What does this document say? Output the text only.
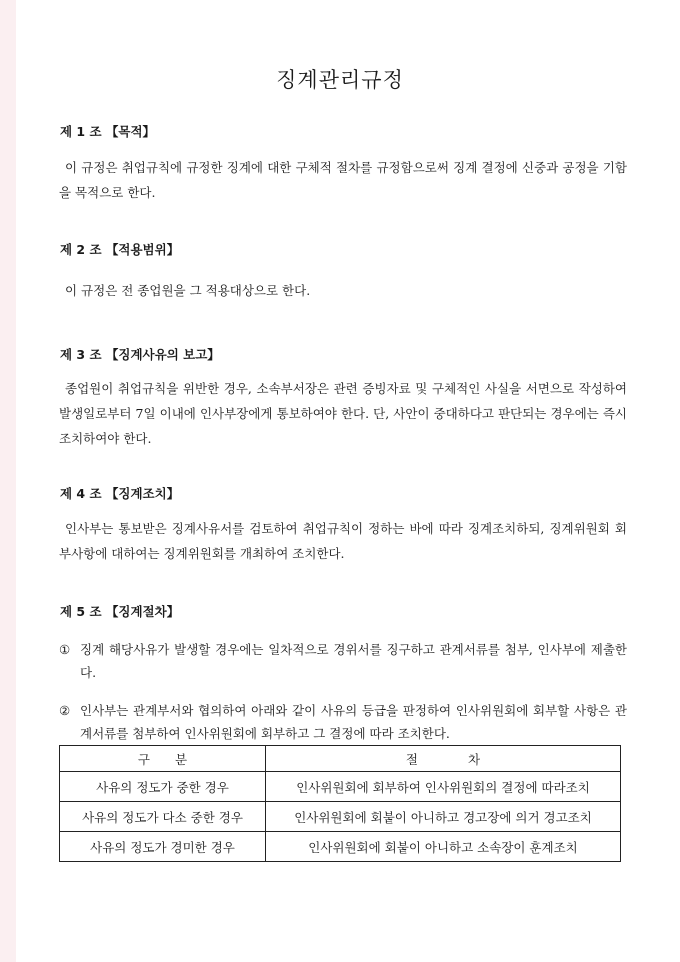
징계관리규정
제 1 조 【목적】
이 규정은 취업규칙에 규정한 징계에 대한 구체적 절차를 규정함으로써 징계 결정에 신중과 공정을 기함을 목적으로 한다.
제 2 조 【적용범위】
이 규정은 전 종업원을 그 적용대상으로 한다.
제 3 조 【징계사유의 보고】
종업원이 취업규칙을 위반한 경우, 소속부서장은 관련 증빙자료 및 구체적인 사실을 서면으로 작성하여 발생일로부터 7일 이내에 인사부장에게 통보하여야 한다. 단, 사안이 중대하다고 판단되는 경우에는 즉시 조치하여야 한다.
제 4 조 【징계조치】
인사부는 통보받은 징계사유서를 검토하여 취업규칙이 정하는 바에 따라 징계조치하되, 징계위원회 회부사항에 대하여는 징계위원회를 개최하여 조치한다.
제 5 조 【징계절차】
① 징계 해당사유가 발생할 경우에는 일차적으로 경위서를 징구하고 관계서류를 첨부, 인사부에 제출한다.
② 인사부는 관계부서와 협의하여 아래와 같이 사유의 등급을 판정하여 인사위원회에 회부할 사항은 관계서류를 첨부하여 인사위원회에 회부하고 그 결정에 따라 조치한다.
구　　분	절　　　　차
사유의 정도가 중한 경우	인사위원회에 회부하여 인사위원회의 결정에 따라조치
사유의 정도가 다소 중한 경우	인사위원회에 회붙이 아니하고 경고장에 의거 경고조치
사유의 정도가 경미한 경우	인사위원회에 회붙이 아니하고 소속장이 훈계조치
